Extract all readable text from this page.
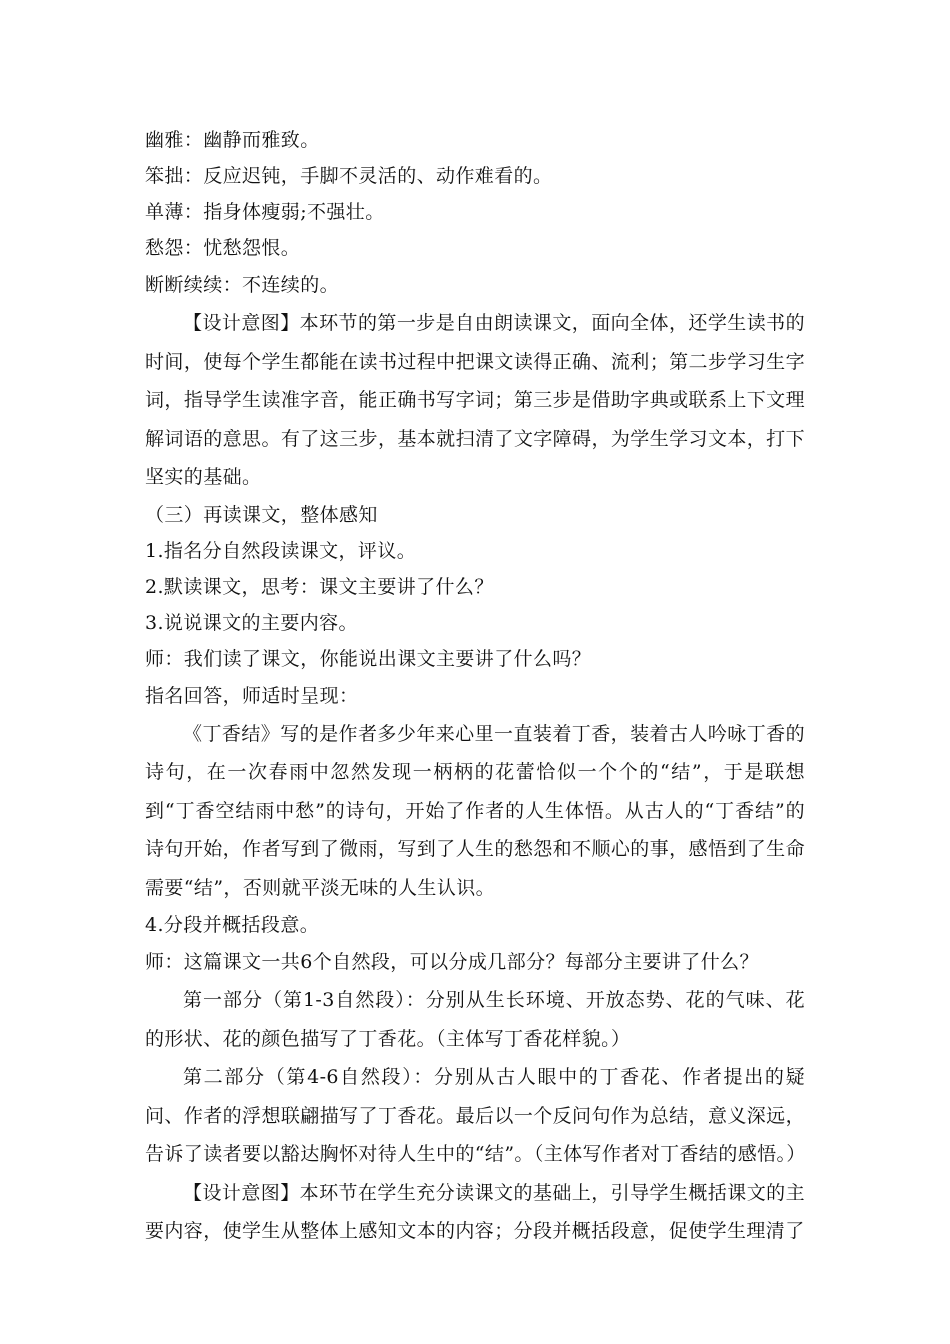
幽雅：幽静而雅致。

笨拙：反应迟钝，手脚不灵活的、动作难看的。

单薄：指身体瘦弱;不强壮。

愁怨：忧愁怨恨。

断断续续：不连续的。

【设计意图】本环节的第一步是自由朗读课文，面向全体，还学生读书的时间，使每个学生都能在读书过程中把课文读得正确、流利；第二步学习生字词，指导学生读准字音，能正确书写字词；第三步是借助字典或联系上下文理解词语的意思。有了这三步，基本就扫清了文字障碍，为学生学习文本，打下坚实的基础。

（三）再读课文，整体感知

1.指名分自然段读课文，评议。

2.默读课文，思考：课文主要讲了什么？

3.说说课文的主要内容。

师：我们读了课文，你能说出课文主要讲了什么吗？

指名回答，师适时呈现：

《丁香结》写的是作者多少年来心里一直装着丁香，装着古人吟咏丁香的诗句，在一次春雨中忽然发现一柄柄的花蕾恰似一个个的“结”，于是联想到“丁香空结雨中愁”的诗句，开始了作者的人生体悟。从古人的“丁香结”的诗句开始，作者写到了微雨，写到了人生的愁怨和不顺心的事，感悟到了生命需要“结”，否则就平淡无味的人生认识。

4.分段并概括段意。

师：这篇课文一共6个自然段，可以分成几部分？每部分主要讲了什么？

第一部分（第1-3自然段）：分别从生长环境、开放态势、花的气味、花的形状、花的颜色描写了丁香花。（主体写丁香花样貌。）

第二部分（第4-6自然段）：分别从古人眼中的丁香花、作者提出的疑问、作者的浮想联翩描写了丁香花。最后以一个反问句作为总结，意义深远，告诉了读者要以豁达胸怀对待人生中的“结”。（主体写作者对丁香结的感悟。）

【设计意图】本环节在学生充分读课文的基础上，引导学生概括课文的主要内容，使学生从整体上感知文本的内容；分段并概括段意，促使学生理清了
